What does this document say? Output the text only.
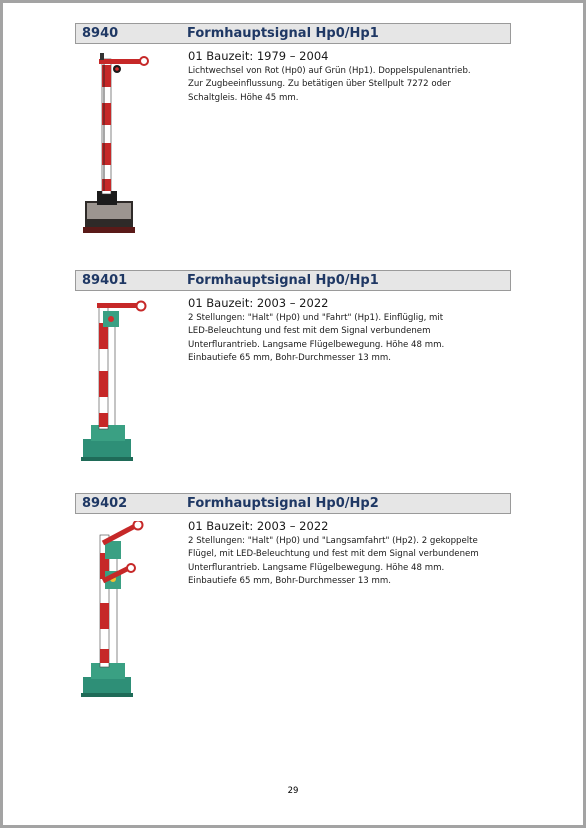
8940	Formhauptsignal Hp0/Hp1
01 Bauzeit: 1979 – 2004
Lichtwechsel von Rot (Hp0) auf Grün (Hp1). Doppelspulenantrieb.
Zur Zugbeeinflussung. Zu betätigen über Stellpult 7272 oder
Schaltgleis. Höhe 45 mm.
89401	Formhauptsignal Hp0/Hp1
01 Bauzeit: 2003 – 2022
2 Stellungen: "Halt" (Hp0) und "Fahrt" (Hp1). Einflüglig, mit
LED-Beleuchtung und fest mit dem Signal verbundenem
Unterflurantrieb. Langsame Flügelbewegung. Höhe 48 mm.
Einbautiefe 65 mm, Bohr-Durchmesser 13 mm.
89402	Formhauptsignal Hp0/Hp2
01 Bauzeit: 2003 – 2022
2 Stellungen: "Halt" (Hp0) und "Langsamfahrt" (Hp2). 2 gekoppelte
Flügel, mit LED-Beleuchtung und fest mit dem Signal verbundenem
Unterflurantrieb. Langsame Flügelbewegung. Höhe 48 mm.
Einbautiefe 65 mm, Bohr-Durchmesser 13 mm.
29
